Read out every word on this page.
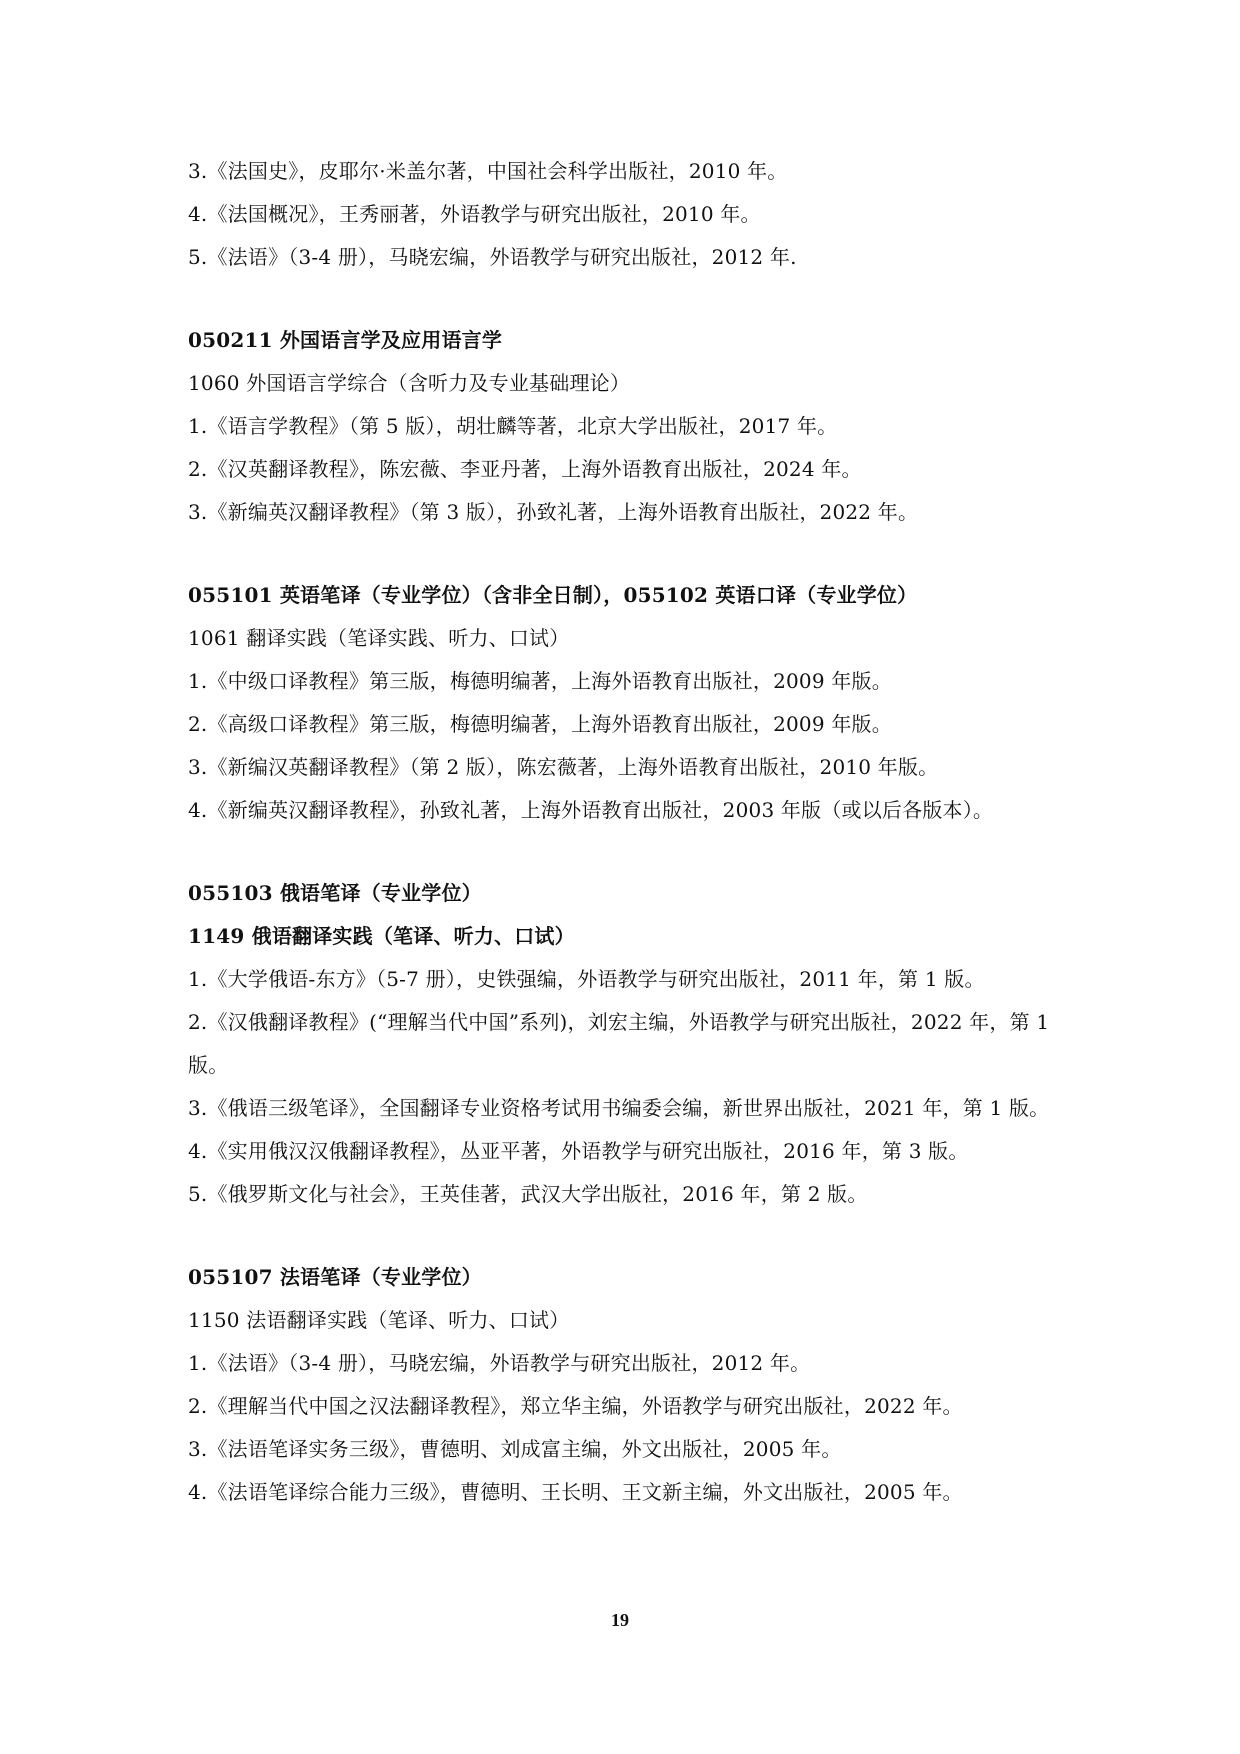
3.《法国史》，皮耶尔·米盖尔著，中国社会科学出版社，2010 年。
4.《法国概况》，王秀丽著，外语教学与研究出版社，2010 年。
5.《法语》（3-4 册），马晓宏编，外语教学与研究出版社，2012 年.
050211 外国语言学及应用语言学
1060 外国语言学综合（含听力及专业基础理论）
1.《语言学教程》（第 5 版），胡壮麟等著，北京大学出版社，2017 年。
2.《汉英翻译教程》，陈宏薇、李亚丹著，上海外语教育出版社，2024 年。
3.《新编英汉翻译教程》（第 3 版），孙致礼著，上海外语教育出版社，2022 年。
055101 英语笔译（专业学位）（含非全日制），055102 英语口译（专业学位）
1061 翻译实践（笔译实践、听力、口试）
1.《中级口译教程》第三版，梅德明编著，上海外语教育出版社，2009 年版。
2.《高级口译教程》第三版，梅德明编著，上海外语教育出版社，2009 年版。
3.《新编汉英翻译教程》（第 2 版），陈宏薇著，上海外语教育出版社，2010 年版。
4.《新编英汉翻译教程》，孙致礼著，上海外语教育出版社，2003 年版（或以后各版本）。
055103 俄语笔译（专业学位）
1149 俄语翻译实践（笔译、听力、口试）
1.《大学俄语-东方》（5-7 册），史铁强编，外语教学与研究出版社，2011 年，第 1 版。
2.《汉俄翻译教程》(“理解当代中国”系列)，刘宏主编，外语教学与研究出版社，2022 年，第 1 版。
3.《俄语三级笔译》，全国翻译专业资格考试用书编委会编，新世界出版社，2021 年，第 1 版。
4.《实用俄汉汉俄翻译教程》，丛亚平著，外语教学与研究出版社，2016 年，第 3 版。
5.《俄罗斯文化与社会》，王英佳著，武汉大学出版社，2016 年，第 2 版。
055107 法语笔译（专业学位）
1150 法语翻译实践（笔译、听力、口试）
1.《法语》（3-4 册），马晓宏编，外语教学与研究出版社，2012 年。
2.《理解当代中国之汉法翻译教程》，郑立华主编，外语教学与研究出版社，2022 年。
3.《法语笔译实务三级》，曹德明、刘成富主编，外文出版社，2005 年。
4.《法语笔译综合能力三级》，曹德明、王长明、王文新主编，外文出版社，2005 年。
19
